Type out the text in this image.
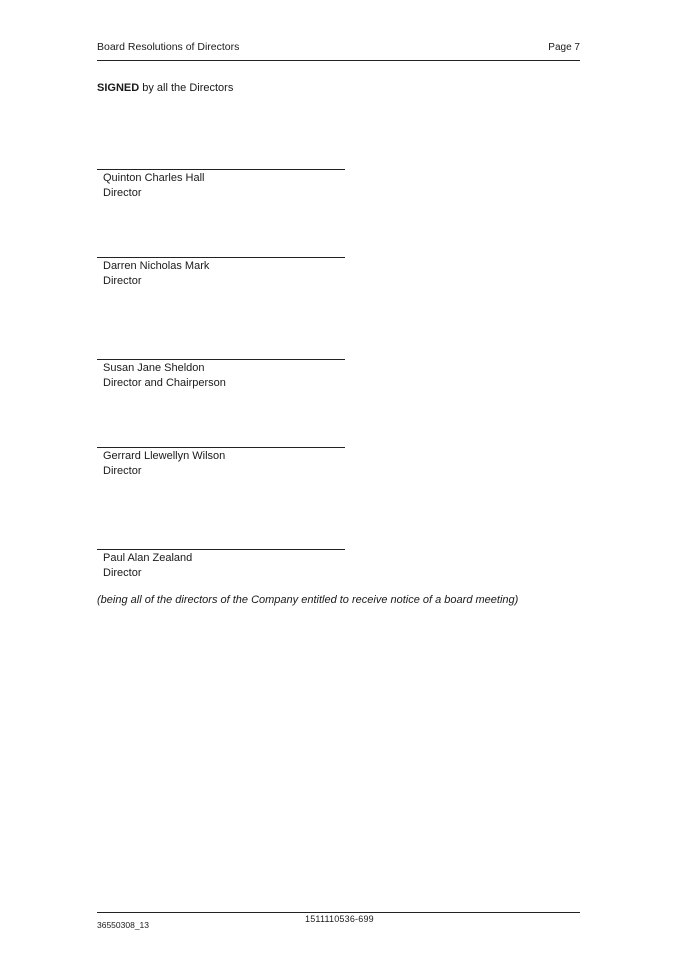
Board Resolutions of Directors	Page 7
SIGNED by all the Directors
Quinton Charles Hall
Director
Darren Nicholas Mark
Director
Susan Jane Sheldon
Director and Chairperson
Gerrard Llewellyn Wilson
Director
Paul Alan Zealand
Director
(being all of the directors of the Company entitled to receive notice of a board meeting)
1511110536-699
36550308_13
